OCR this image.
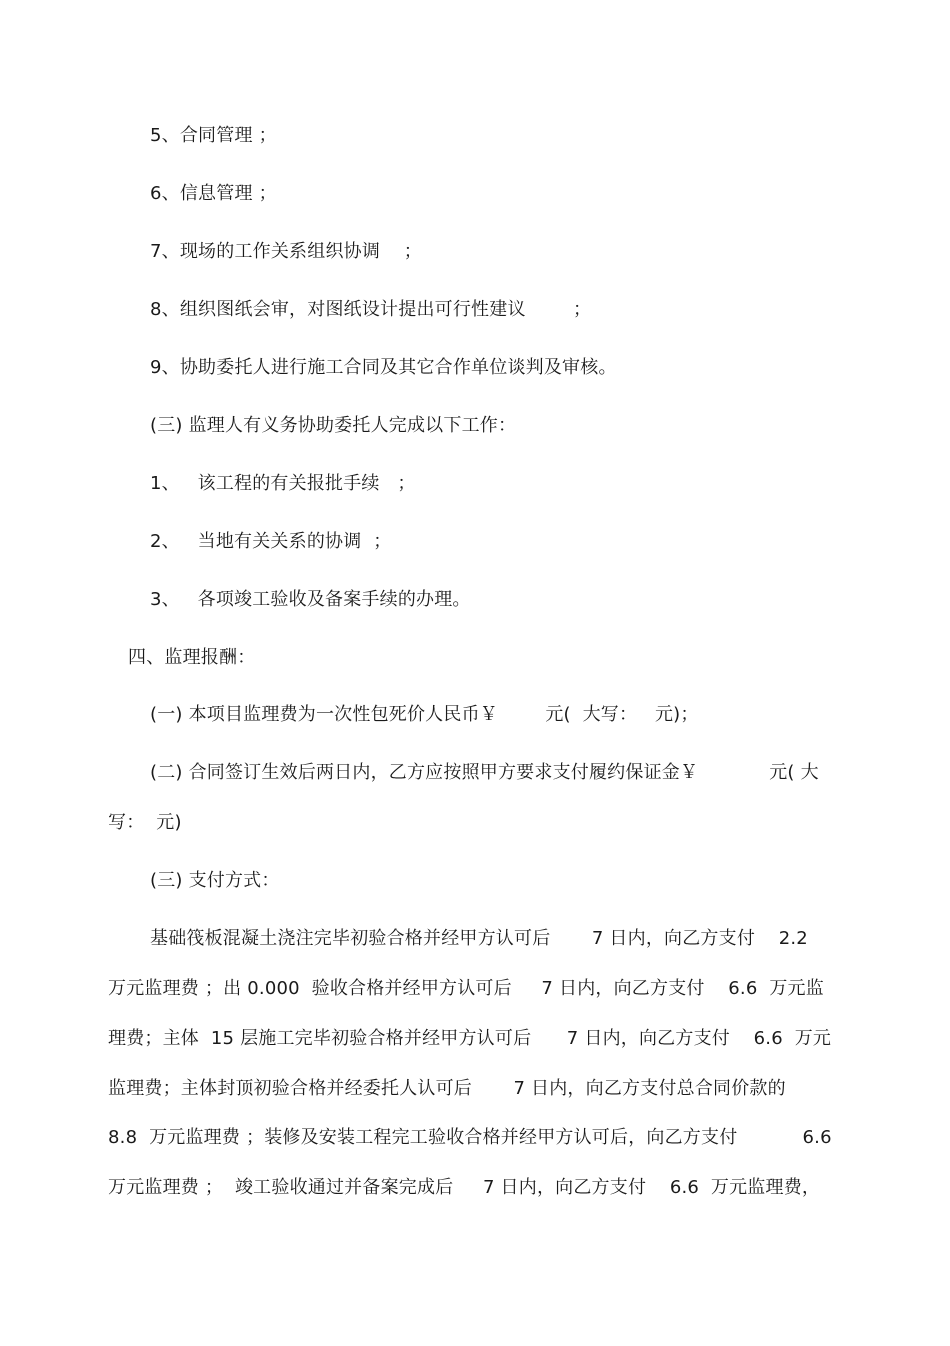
5、合同管理 ；
6、信息管理 ；
7、现场的工作关系组织协调    ；
8、组织图纸会审，对图纸设计提出可行性建议        ；
9、协助委托人进行施工合同及其它合作单位谈判及审核。
(三) 监理人有义务协助委托人完成以下工作：
1、   该工程的有关报批手续   ；
2、   当地有关关系的协调  ；
3、   各项竣工验收及备案手续的办理。
四、监理报酬：
(一) 本项目监理费为一次性包死价人民币￥        元(  大写：   元)；
(二) 合同签订生效后两日内，乙方应按照甲方要求支付履约保证金￥            元( 大
写：  元)
(三) 支付方式：
基础筏板混凝土浇注完毕初验合格并经甲方认可后       7 日内，向乙方支付    2.2
万元监理费 ；出 0.000  验收合格并经甲方认可后     7 日内，向乙方支付    6.6  万元监
理费；主体  15 层施工完毕初验合格并经甲方认可后      7 日内，向乙方支付    6.6  万元
监理费；主体封顶初验合格并经委托人认可后       7 日内，向乙方支付总合同价款的
8.8  万元监理费 ；装修及安装工程完工验收合格并经甲方认可后，向乙方支付           6.6
万元监理费 ；  竣工验收通过并备案完成后     7 日内，向乙方支付    6.6  万元监理费，
